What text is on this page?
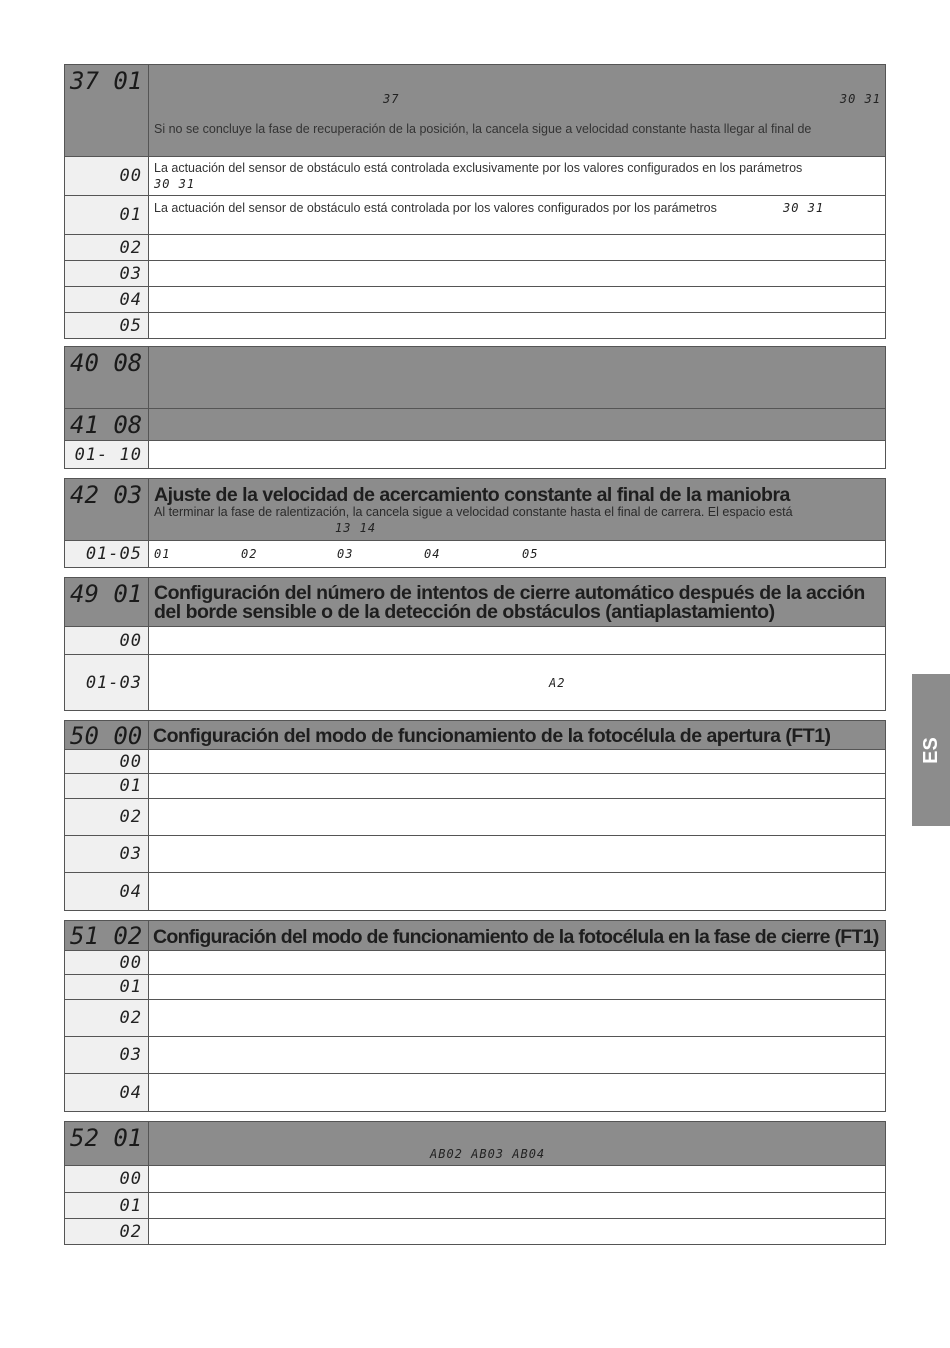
37 01
37	30 31
Si no se concluye la fase de recuperación de la posición, la cancela sigue a velocidad constante hasta llegar al final de
00 La actuación del sensor de obstáculo está controlada exclusivamente por los valores configurados en los parámetros
30 31
01 La actuación del sensor de obstáculo está controlada por los valores configurados por los parámetros	30 31
02
03
04
05
40 08
41 08
01- 10
42 03 Ajuste de la velocidad de acercamiento constante al final de la maniobra
Al terminar la fase de ralentización, la cancela sigue a velocidad constante hasta el final de carrera. El espacio está
13 14
01-05 01	02	03	04	05
49 01 Configuración del número de intentos de cierre automático después de la acción
del borde sensible o de la detección de obstáculos (antiaplastamiento)
00
01-03	A2
50 00 Configuración del modo de funcionamiento de la fotocélula de apertura (FT1)
00
01
02
03
04
51 02 Configuración del modo de funcionamiento de la fotocélula en la fase de cierre (FT1)
00
01
02
03
04
52 01
AB02 AB03 AB04
00
01
02
ES
